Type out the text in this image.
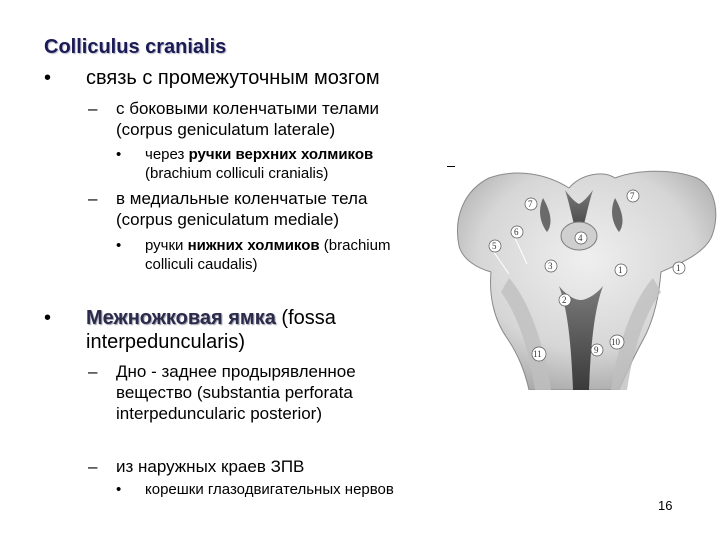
Colliculus cranialis
• связь с промежуточным мозгом
– с боковыми коленчатыми телами
(corpus geniculatum laterale)
• через ручки верхних холмиков
(brachium colliculi cranialis)
– в медиальные коленчатые тела
(corpus geniculatum mediale)
• ручки нижних холмиков (brachium
colliculi caudalis)
• Межножковая ямка (fossa
interpeduncularis)
– Дно - заднее продырявленное
вещество (substantia perforata
interpeduncularic posterior)
– из наружных краев ЗПВ
• корешки глазодвигательных нервов
7
7
6
5
4
3	1	1
2
10
9
11
16
